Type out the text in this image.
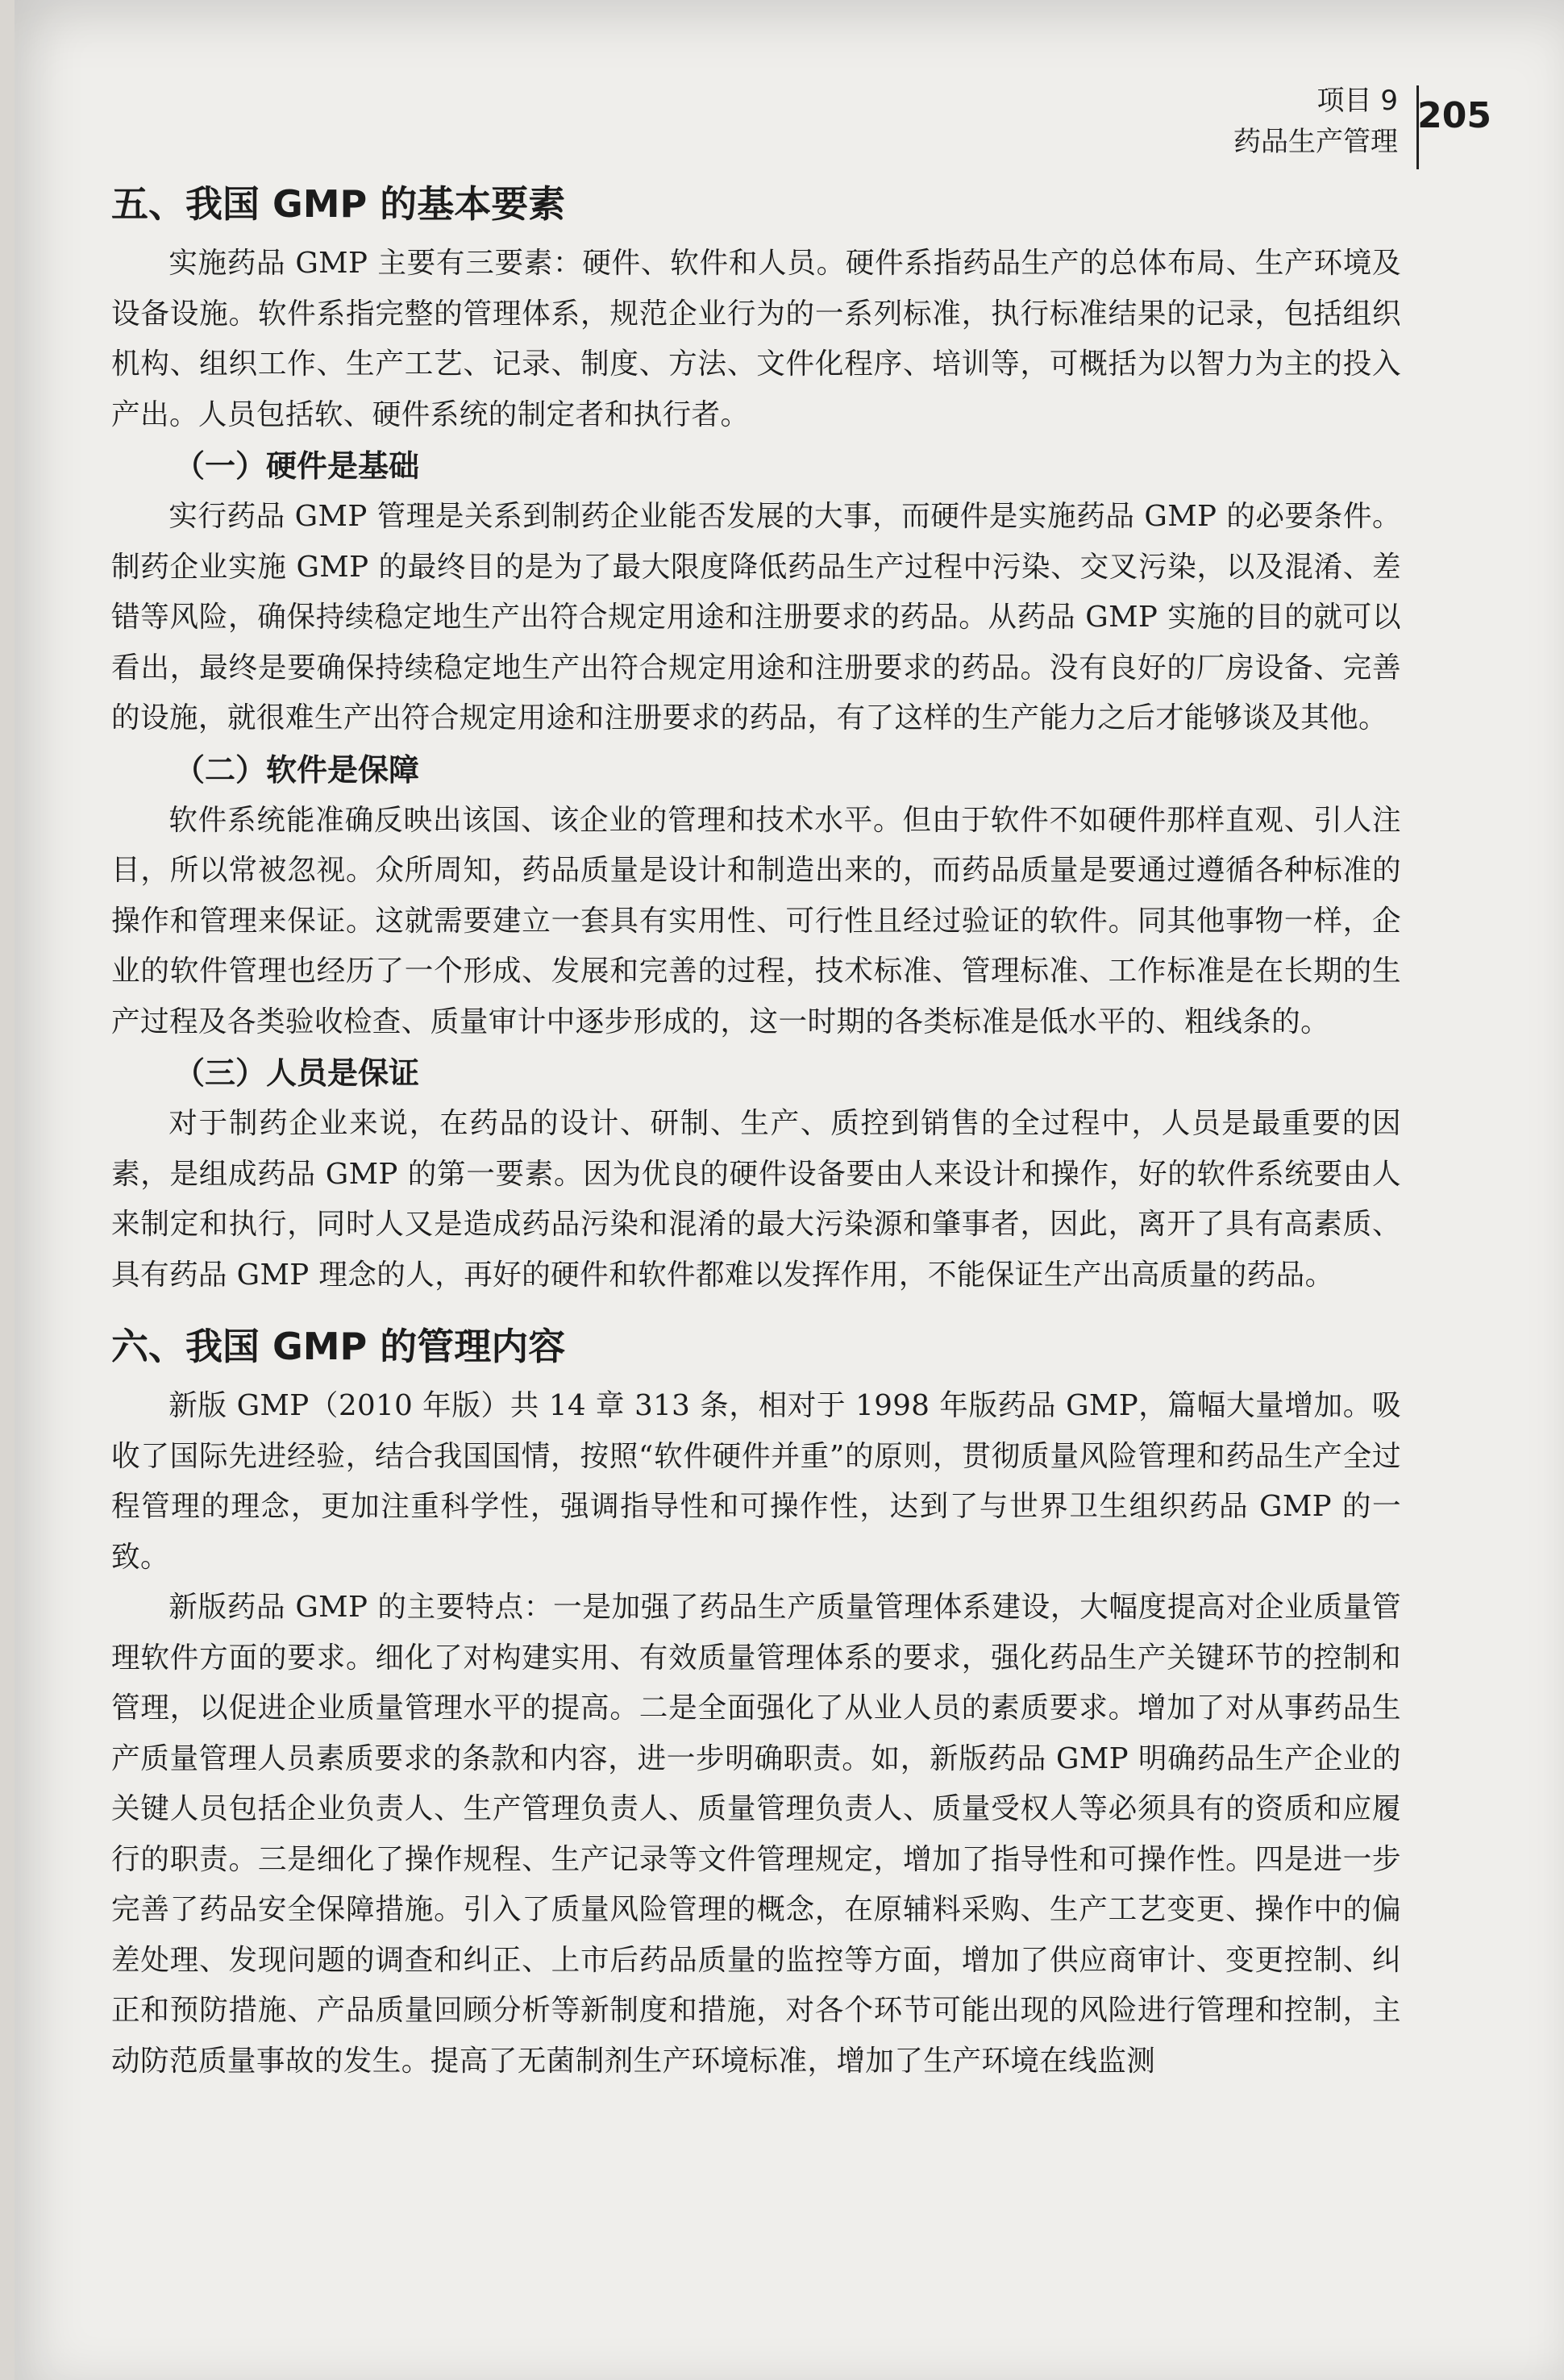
项目 9
药品生产管理
205
五、我国 GMP 的基本要素

实施药品 GMP 主要有三要素：硬件、软件和人员。硬件系指药品生产的总体布局、生产环境及设备设施。软件系指完整的管理体系，规范企业行为的一系列标准，执行标准结果的记录，包括组织机构、组织工作、生产工艺、记录、制度、方法、文件化程序、培训等，可概括为以智力为主的投入产出。人员包括软、硬件系统的制定者和执行者。

（一）硬件是基础

实行药品 GMP 管理是关系到制药企业能否发展的大事，而硬件是实施药品 GMP 的必要条件。制药企业实施 GMP 的最终目的是为了最大限度降低药品生产过程中污染、交叉污染，以及混淆、差错等风险，确保持续稳定地生产出符合规定用途和注册要求的药品。从药品 GMP 实施的目的就可以看出，最终是要确保持续稳定地生产出符合规定用途和注册要求的药品。没有良好的厂房设备、完善的设施，就很难生产出符合规定用途和注册要求的药品，有了这样的生产能力之后才能够谈及其他。

（二）软件是保障

软件系统能准确反映出该国、该企业的管理和技术水平。但由于软件不如硬件那样直观、引人注目，所以常被忽视。众所周知，药品质量是设计和制造出来的，而药品质量是要通过遵循各种标准的操作和管理来保证。这就需要建立一套具有实用性、可行性且经过验证的软件。同其他事物一样，企业的软件管理也经历了一个形成、发展和完善的过程，技术标准、管理标准、工作标准是在长期的生产过程及各类验收检查、质量审计中逐步形成的，这一时期的各类标准是低水平的、粗线条的。

（三）人员是保证

对于制药企业来说，在药品的设计、研制、生产、质控到销售的全过程中，人员是最重要的因素，是组成药品 GMP 的第一要素。因为优良的硬件设备要由人来设计和操作，好的软件系统要由人来制定和执行，同时人又是造成药品污染和混淆的最大污染源和肇事者，因此，离开了具有高素质、具有药品 GMP 理念的人，再好的硬件和软件都难以发挥作用，不能保证生产出高质量的药品。

六、我国 GMP 的管理内容

新版 GMP（2010 年版）共 14 章 313 条，相对于 1998 年版药品 GMP，篇幅大量增加。吸收了国际先进经验，结合我国国情，按照“软件硬件并重”的原则，贯彻质量风险管理和药品生产全过程管理的理念，更加注重科学性，强调指导性和可操作性，达到了与世界卫生组织药品 GMP 的一致。

新版药品 GMP 的主要特点：一是加强了药品生产质量管理体系建设，大幅度提高对企业质量管理软件方面的要求。细化了对构建实用、有效质量管理体系的要求，强化药品生产关键环节的控制和管理，以促进企业质量管理水平的提高。二是全面强化了从业人员的素质要求。增加了对从事药品生产质量管理人员素质要求的条款和内容，进一步明确职责。如，新版药品 GMP 明确药品生产企业的关键人员包括企业负责人、生产管理负责人、质量管理负责人、质量受权人等必须具有的资质和应履行的职责。三是细化了操作规程、生产记录等文件管理规定，增加了指导性和可操作性。四是进一步完善了药品安全保障措施。引入了质量风险管理的概念，在原辅料采购、生产工艺变更、操作中的偏差处理、发现问题的调查和纠正、上市后药品质量的监控等方面，增加了供应商审计、变更控制、纠正和预防措施、产品质量回顾分析等新制度和措施，对各个环节可能出现的风险进行管理和控制，主动防范质量事故的发生。提高了无菌制剂生产环境标准，增加了生产环境在线监测
